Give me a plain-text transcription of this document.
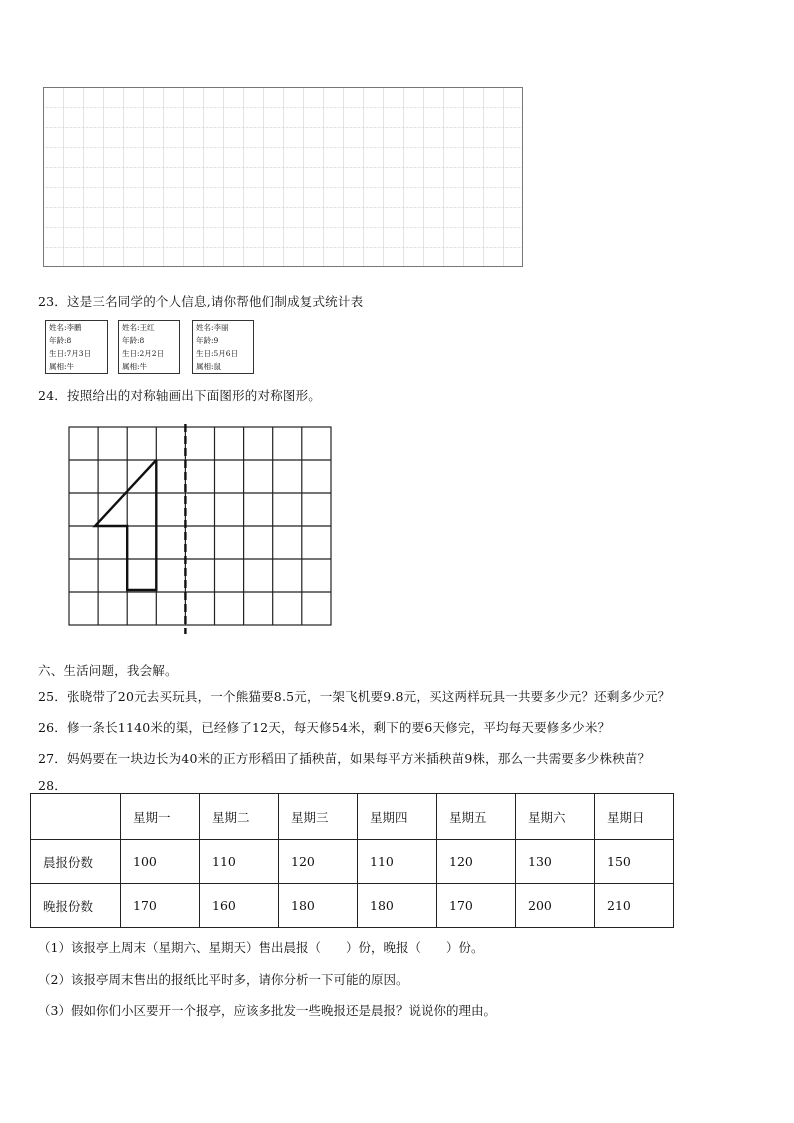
23．这是三名同学的个人信息,请你帮他们制成复式统计表
姓名:李鹏
年龄:8
生日:7月3日
属相:牛
姓名:王红
年龄:8
生日:2月2日
属相:牛
姓名:李丽
年龄:9
生日:5月6日
属相:鼠
24．按照给出的对称轴画出下面图形的对称图形。
六、生活问题，我会解。
25．张晓带了20元去买玩具，一个熊猫要8.5元，一架飞机要9.8元，买这两样玩具一共要多少元？还剩多少元？
26．修一条长1140米的渠，已经修了12天，每天修54米，剩下的要6天修完，平均每天要修多少米？
27．妈妈要在一块边长为40米的正方形稻田了插秧苗，如果每平方米插秧苗9株，那么一共需要多少株秧苗？
28．
	星期一	星期二	星期三	星期四	星期五	星期六	星期日
晨报份数	100	110	120	110	120	130	150
晚报份数	170	160	180	180	170	200	210
（1）该报亭上周末（星期六、星期天）售出晨报（　　）份，晚报（　　）份。
（2）该报亭周末售出的报纸比平时多，请你分析一下可能的原因。
（3）假如你们小区要开一个报亭，应该多批发一些晚报还是晨报？说说你的理由。
